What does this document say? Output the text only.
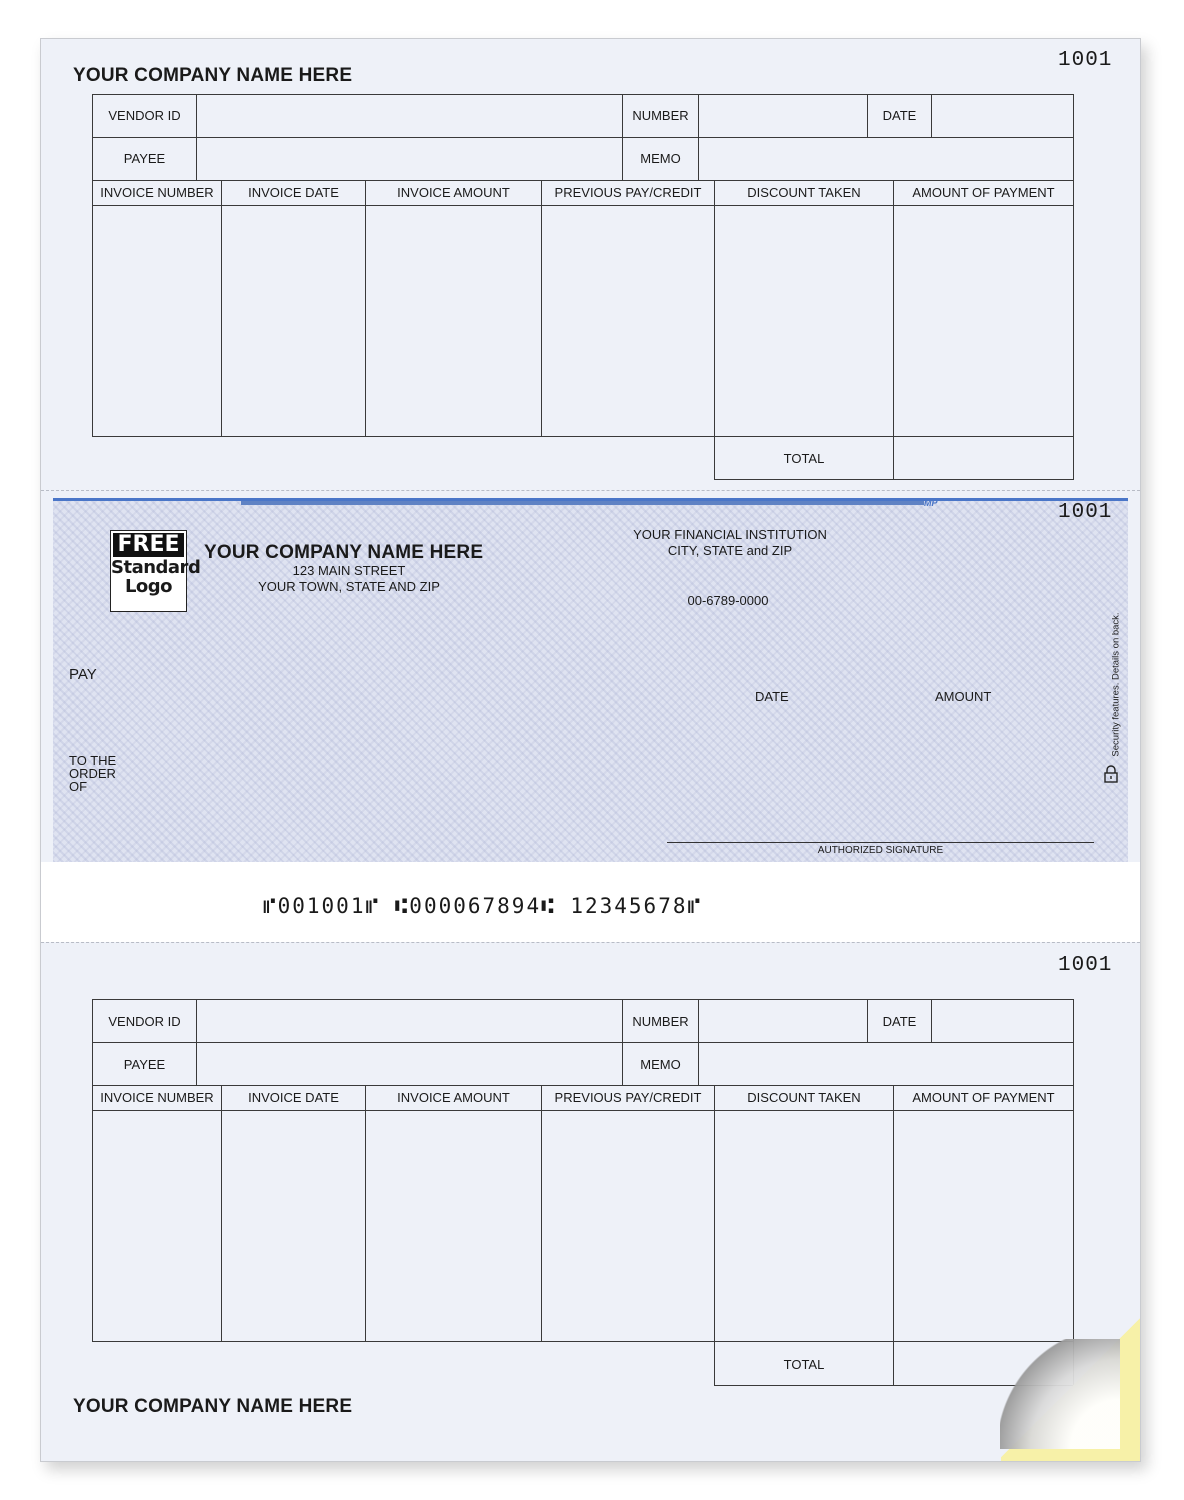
YOUR COMPANY NAME HERE
1001
VENDOR ID	NUMBER	DATE
PAYEE	MEMO
INVOICE NUMBER	INVOICE DATE	INVOICE AMOUNT	PREVIOUS PAY/CREDIT	DISCOUNT TAKEN	AMOUNT OF PAYMENT
TOTAL
MP	1001
FREE
Standard
Logo
YOUR COMPANY NAME HERE
123 MAIN STREET
YOUR TOWN, STATE AND ZIP
YOUR FINANCIAL INSTITUTION
CITY, STATE and ZIP
00-6789-0000
PAY
DATE	AMOUNT
TO THE
ORDER
OF
AUTHORIZED SIGNATURE
Security features. Details on back.
⑈001001⑈ ⑆000067894⑆ 12345678⑈
1001
VENDOR ID	NUMBER	DATE
PAYEE	MEMO
INVOICE NUMBER	INVOICE DATE	INVOICE AMOUNT	PREVIOUS PAY/CREDIT	DISCOUNT TAKEN	AMOUNT OF PAYMENT
TOTAL
YOUR COMPANY NAME HERE
